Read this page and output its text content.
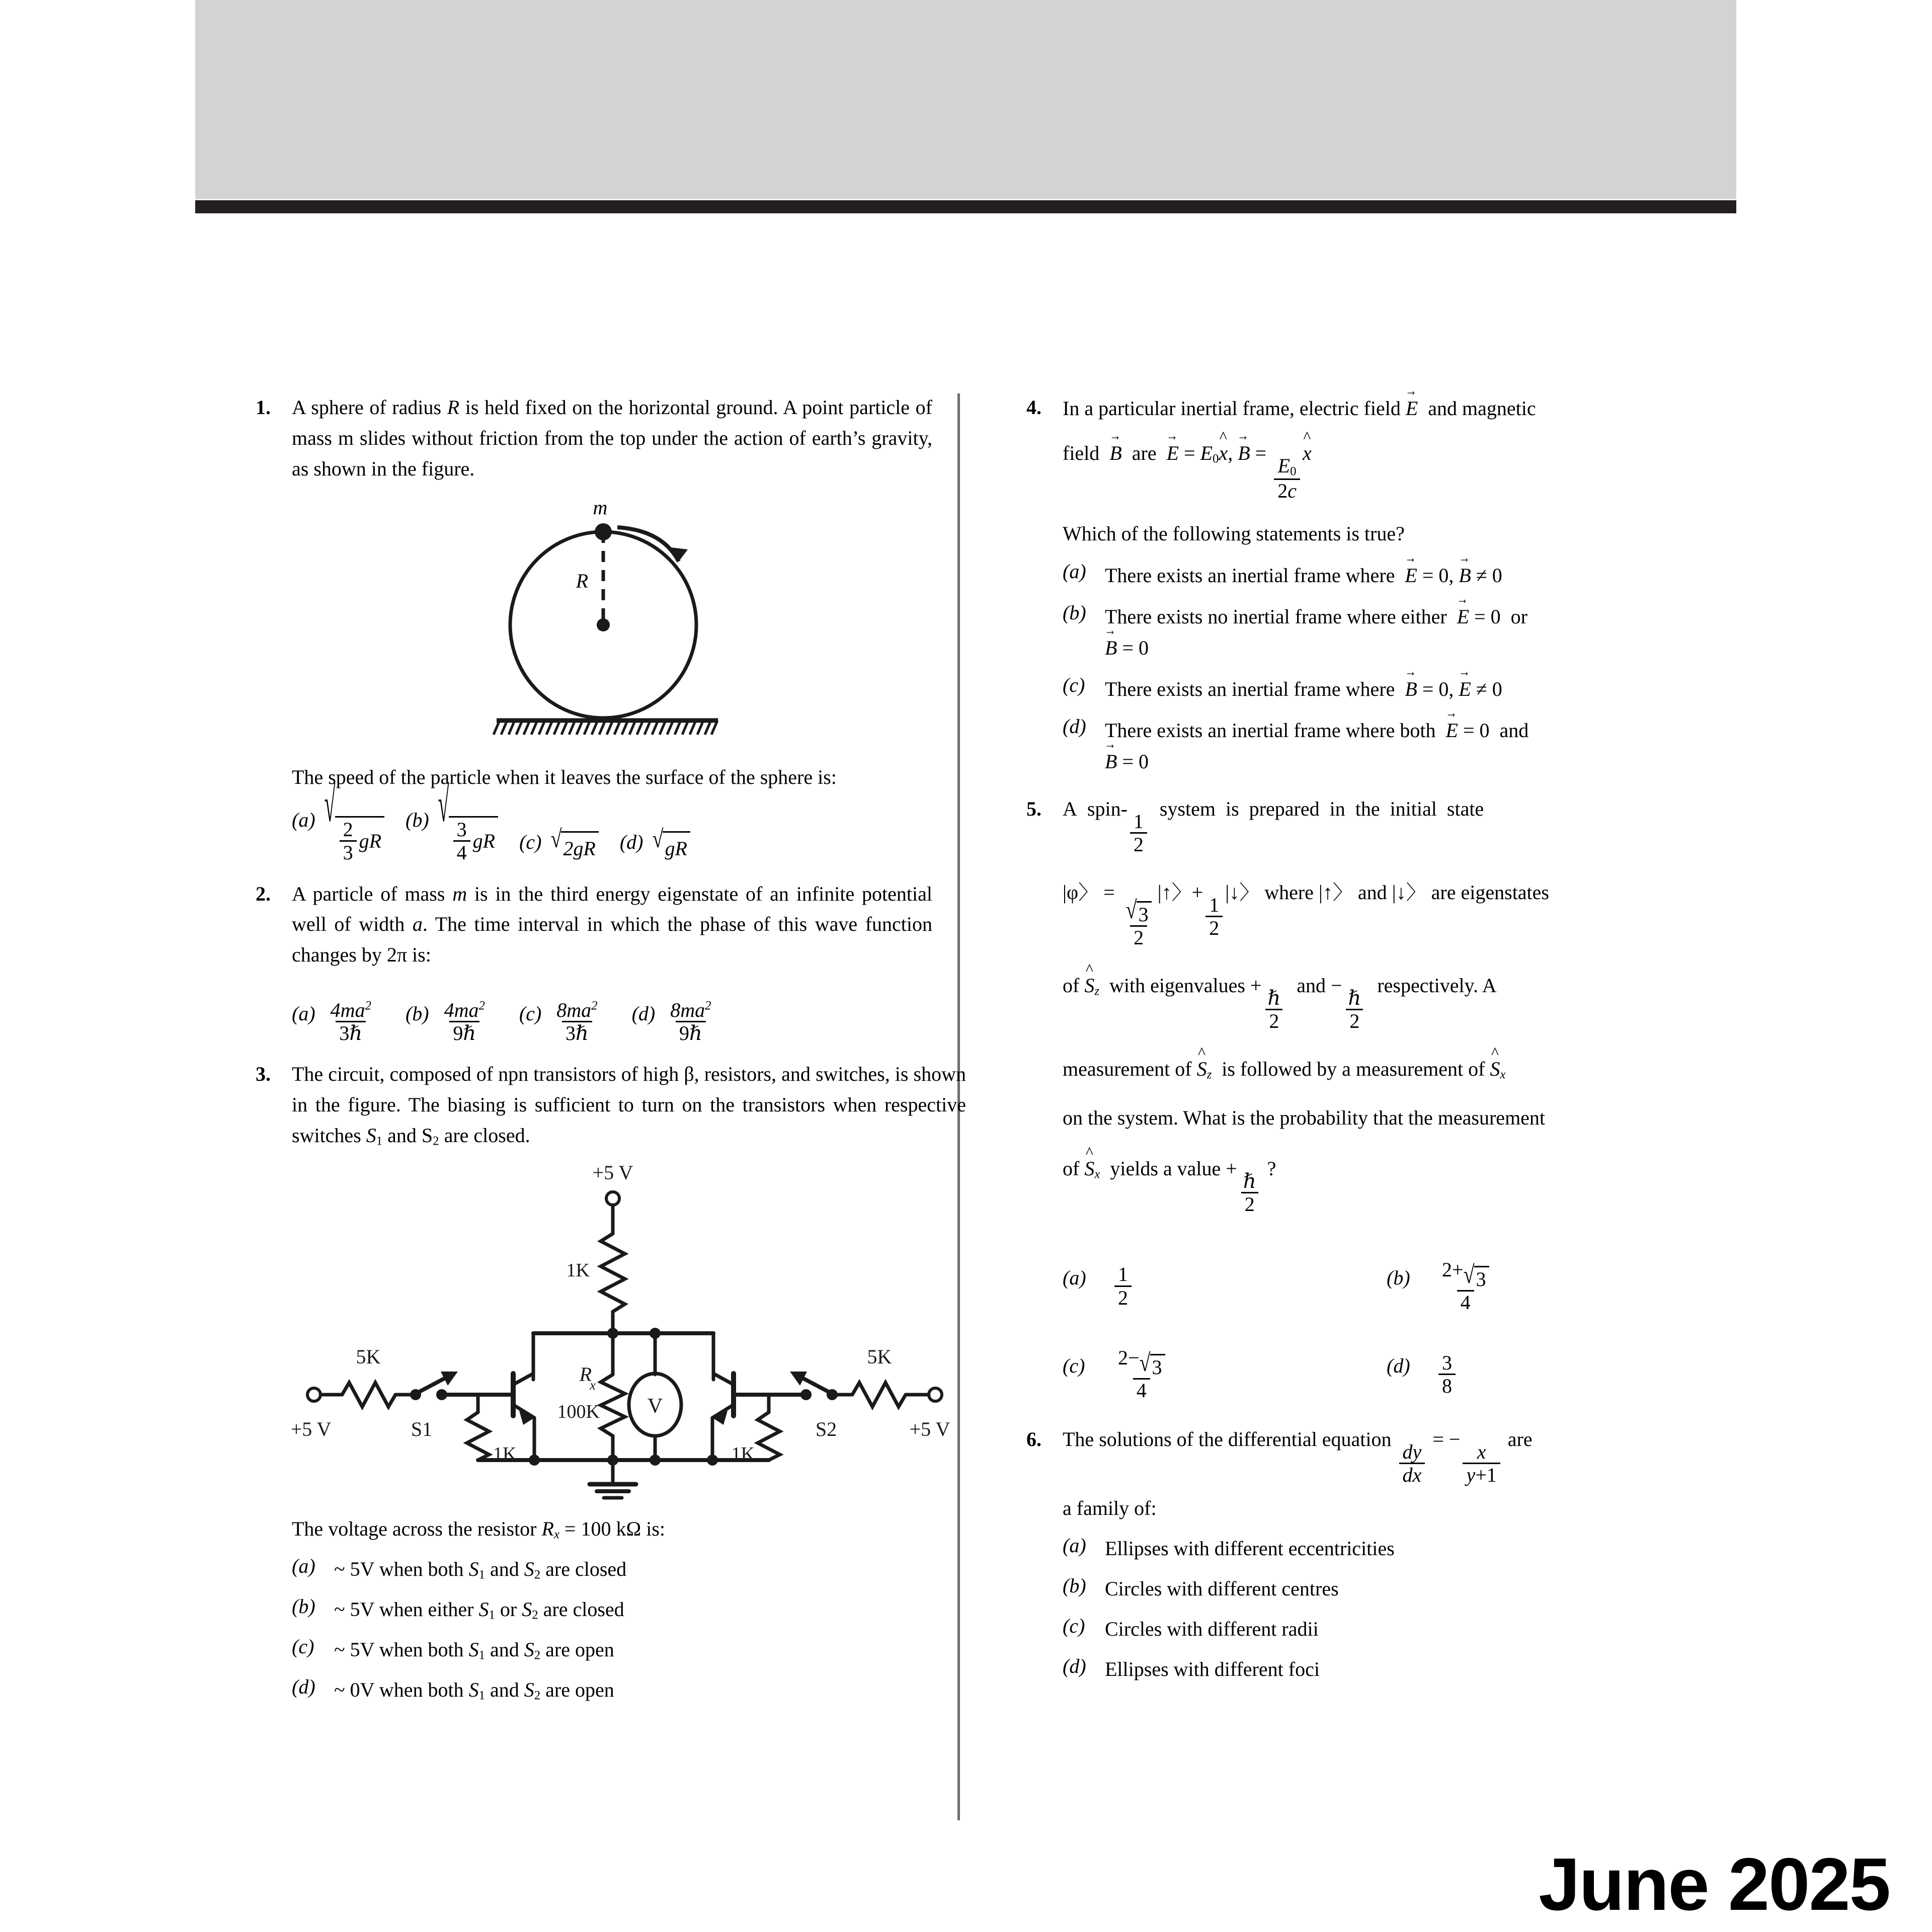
June 2025
1.	A sphere of radius R is held fixed on the horizontal ground. A point particle of mass m slides without friction from the top under the action of earth’s gravity, as shown in the figure.
m
R
The speed of the particle when it leaves the surface of the sphere is:
(a) √
$\frac{2}{3}$ gR
(b) √
$\frac{3}{4}$ gR (c) √ 2gR (d) √ gR
2.	A particle of mass m is in the third energy eigenstate of an infinite potential well of width a. The time interval in which the phase of this wave function changes by 2π is:
$(a) \frac{4ma^2}{\text{3ℏ}} (b) \frac{4ma^2}{\text{9ℏ}} (c) \frac{8ma^2}{\text{3ℏ}} (d) \frac{8ma^2}{\text{9ℏ}}$
3.	The circuit, composed of npn transistors of high β, resistors, and switches, is shown in the figure. The biasing is sufficient to turn on the transistors when respective switches $S_1$ and $S_2$ are closed.
+5 V
1K
R
x
100K V
1K
5K
+5 V	S1
1K
5K
S2	+5 V
The voltage across the resistor $R_x = 100$ kΩ is:
(a) ~ 5V when both $S_1$ and $S_2$ are closed
(b) ~ 5V when either $S_1$ or $S_2$ are closed
(c) ~ 5V when both $S_1$ and $S_2$ are open
(d) ~ 0V when both $S_1$ and $S_2$ are open
4.	In a particular inertial frame, electric field E →  and magnetic
field  B →  are  E → = $E_0x$ ^, B → =
$\frac{E_0}{2c}$
x ^
Which of the following statements is true?
(a) There exists an inertial frame where  E → = 0, B → ≠ 0
(b) There exists no inertial frame where either  E → = 0  or
B → = 0
(c) There exists an inertial frame where  B → = 0, E → ≠ 0
(d) There exists an inertial frame where both  E → = 0  and
B → = 0
5.	A  spin-
$\frac{1}{2}$
system  is  prepared  in  the  initial  state
|φ〉 =
$\frac{√ 3}{2}$
|↑〉+
$\frac{1}{2}$
|↓〉 where |↑〉 and |↓〉 are eigenstates
of S $\^{}_z$  with eigenvalues +
$\frac{\text{ℏ}}{2}$
and −
$\frac{\text{ℏ}}{2}$
respectively. A
measurement of S $\^{}_z$  is followed by a measurement of S $\^{}_x$
on the system. What is the probability that the measurement
of S $\^{}_x$  yields a value +
$\frac{\text{ℏ}}{2}$
?
(a)	$\frac{1}{2}$	(b)	$\frac{2+ √ 3}{4}$
(c)	$\frac{2- √ 3}{4}$	(d)	$\frac{3}{8}$
6.	The solutions of the differential equation
$\frac{dy}{dx}$
= −
$\frac{x}{y+1}$
are
a family of:
(a) Ellipses with different eccentricities
(b) Circles with different centres
(c) Circles with different radii
(d) Ellipses with different foci
